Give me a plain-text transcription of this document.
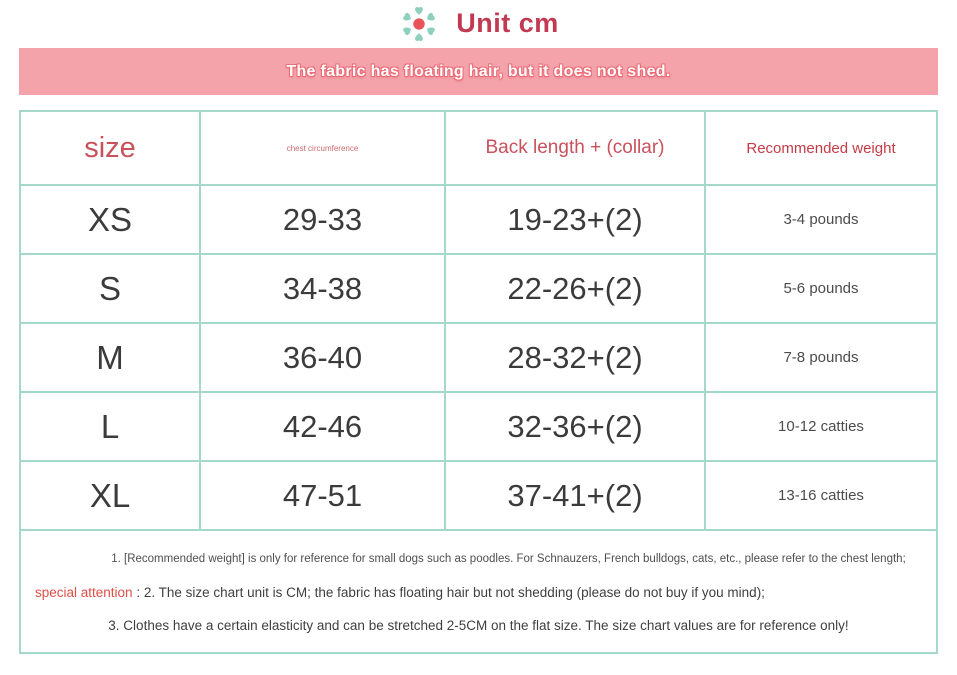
Unit cm
The fabric has floating hair, but it does not shed.
size	chest circumference	Back length + (collar)	Recommended weight
XS	29-33	19-23+(2)	3-4 pounds
S	34-38	22-26+(2)	5-6 pounds
M	36-40	28-32+(2)	7-8 pounds
L	42-46	32-36+(2)	10-12 catties
XL	47-51	37-41+(2)	13-16 catties
1. [Recommended weight] is only for reference for small dogs such as poodles. For Schnauzers, French bulldogs, cats, etc., please refer to the chest length;
special attention : 2. The size chart unit is CM; the fabric has floating hair but not shedding (please do not buy if you mind);
3. Clothes have a certain elasticity and can be stretched 2-5CM on the flat size. The size chart values are for reference only!
